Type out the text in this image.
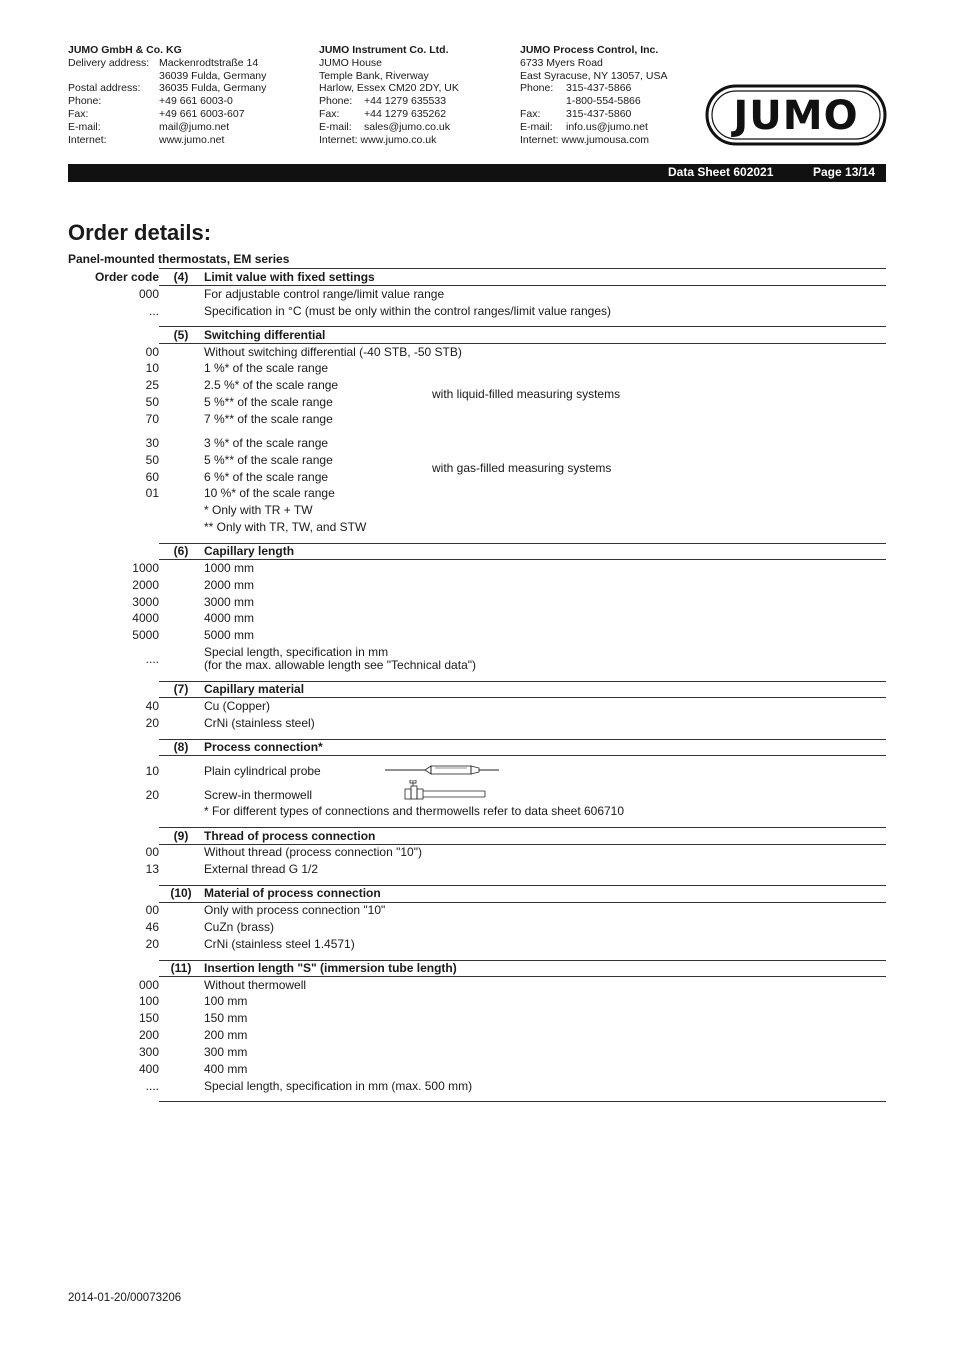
JUMO GmbH & Co. KG
Delivery address: Mackenrodtstraße 14
36039 Fulda, Germany
Postal address:	36035 Fulda, Germany
Phone:	+49 661 6003-0
Fax:	+49 661 6003-607
E-mail:	mail@jumo.net
Internet:	www.jumo.net
JUMO Instrument Co. Ltd.
JUMO House
Temple Bank, Riverway
Harlow, Essex CM20 2DY, UK
Phone:	+44 1279 635533
Fax:	+44 1279 635262
E-mail:	sales@jumo.co.uk
Internet: www.jumo.co.uk
JUMO Process Control, Inc.
6733 Myers Road
East Syracuse, NY 13057, USA
Phone:	315-437-5866
1-800-554-5866
Fax:	315-437-5860
E-mail:	info.us@jumo.net
Internet: www.jumousa.com
JUMO
Data Sheet 602021	Page 13/14
Order details:
Panel-mounted thermostats, EM series
Order code	(4)	Limit value with fixed settings
000	For adjustable control range/limit value range
...	Specification in °C (must be only within the control ranges/limit value ranges)
(5)	Switching differential
00	Without switching differential (-40 STB, -50 STB)
10	1 %* of the scale range
25	2.5 %* of the scale range
50	5 %** of the scale range
70	7 %** of the scale range
with liquid-filled measuring systems
30	3 %* of the scale range
50	5 %** of the scale range
60	6 %* of the scale range
01	10 %* of the scale range
with gas-filled measuring systems
* Only with TR + TW
** Only with TR, TW, and STW
(6)	Capillary length
1000	1000 mm
2000	2000 mm
3000	3000 mm
4000	4000 mm
5000	5000 mm
....	Special length, specification in mm
(for the max. allowable length see "Technical data")
(7)	Capillary material
40	Cu (Copper)
20	CrNi (stainless steel)
(8)	Process connection*
10	Plain cylindrical probe
20	Screw-in thermowell
* For different types of connections and thermowells refer to data sheet 606710
(9)	Thread of process connection
00	Without thread (process connection "10")
13	External thread G 1/2
(10)	Material of process connection
00	Only with process connection "10"
46	CuZn (brass)
20	CrNi (stainless steel 1.4571)
(11)	Insertion length "S" (immersion tube length)
000	Without thermowell
100	100 mm
150	150 mm
200	200 mm
300	300 mm
400	400 mm
....	Special length, specification in mm (max. 500 mm)
2014-01-20/00073206
